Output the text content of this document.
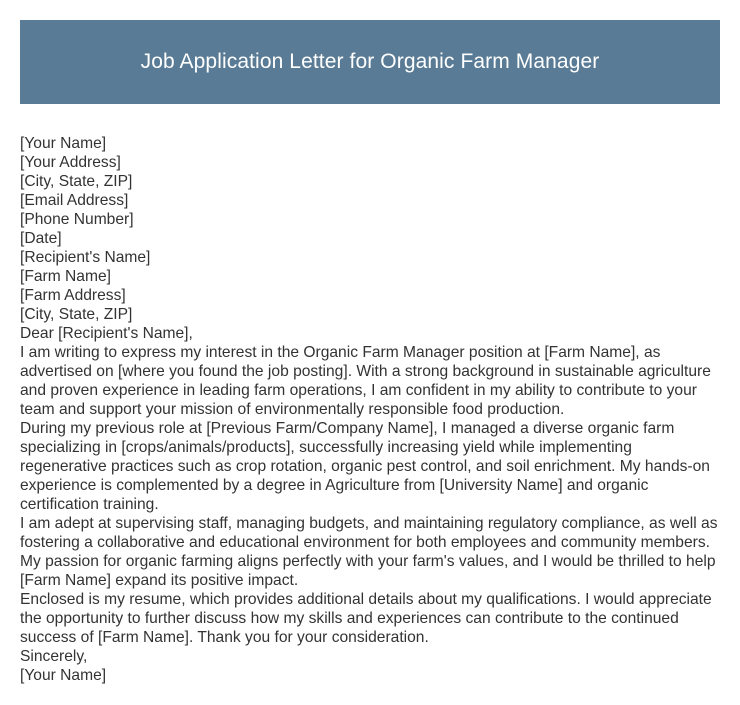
Job Application Letter for Organic Farm Manager

[Your Name]

[Your Address]

[City, State, ZIP]

[Email Address]

[Phone Number]

[Date]

[Recipient's Name]

[Farm Name]

[Farm Address]

[City, State, ZIP]

Dear [Recipient's Name],

I am writing to express my interest in the Organic Farm Manager position at [Farm Name], as advertised on [where you found the job posting]. With a strong background in sustainable agriculture and proven experience in leading farm operations, I am confident in my ability to contribute to your team and support your mission of environmentally responsible food production.

During my previous role at [Previous Farm/Company Name], I managed a diverse organic farm specializing in [crops/animals/products], successfully increasing yield while implementing regenerative practices such as crop rotation, organic pest control, and soil enrichment. My hands-on experience is complemented by a degree in Agriculture from [University Name] and organic certification training.

I am adept at supervising staff, managing budgets, and maintaining regulatory compliance, as well as fostering a collaborative and educational environment for both employees and community members. My passion for organic farming aligns perfectly with your farm's values, and I would be thrilled to help [Farm Name] expand its positive impact.

Enclosed is my resume, which provides additional details about my qualifications. I would appreciate the opportunity to further discuss how my skills and experiences can contribute to the continued success of [Farm Name]. Thank you for your consideration.

Sincerely,

[Your Name]
